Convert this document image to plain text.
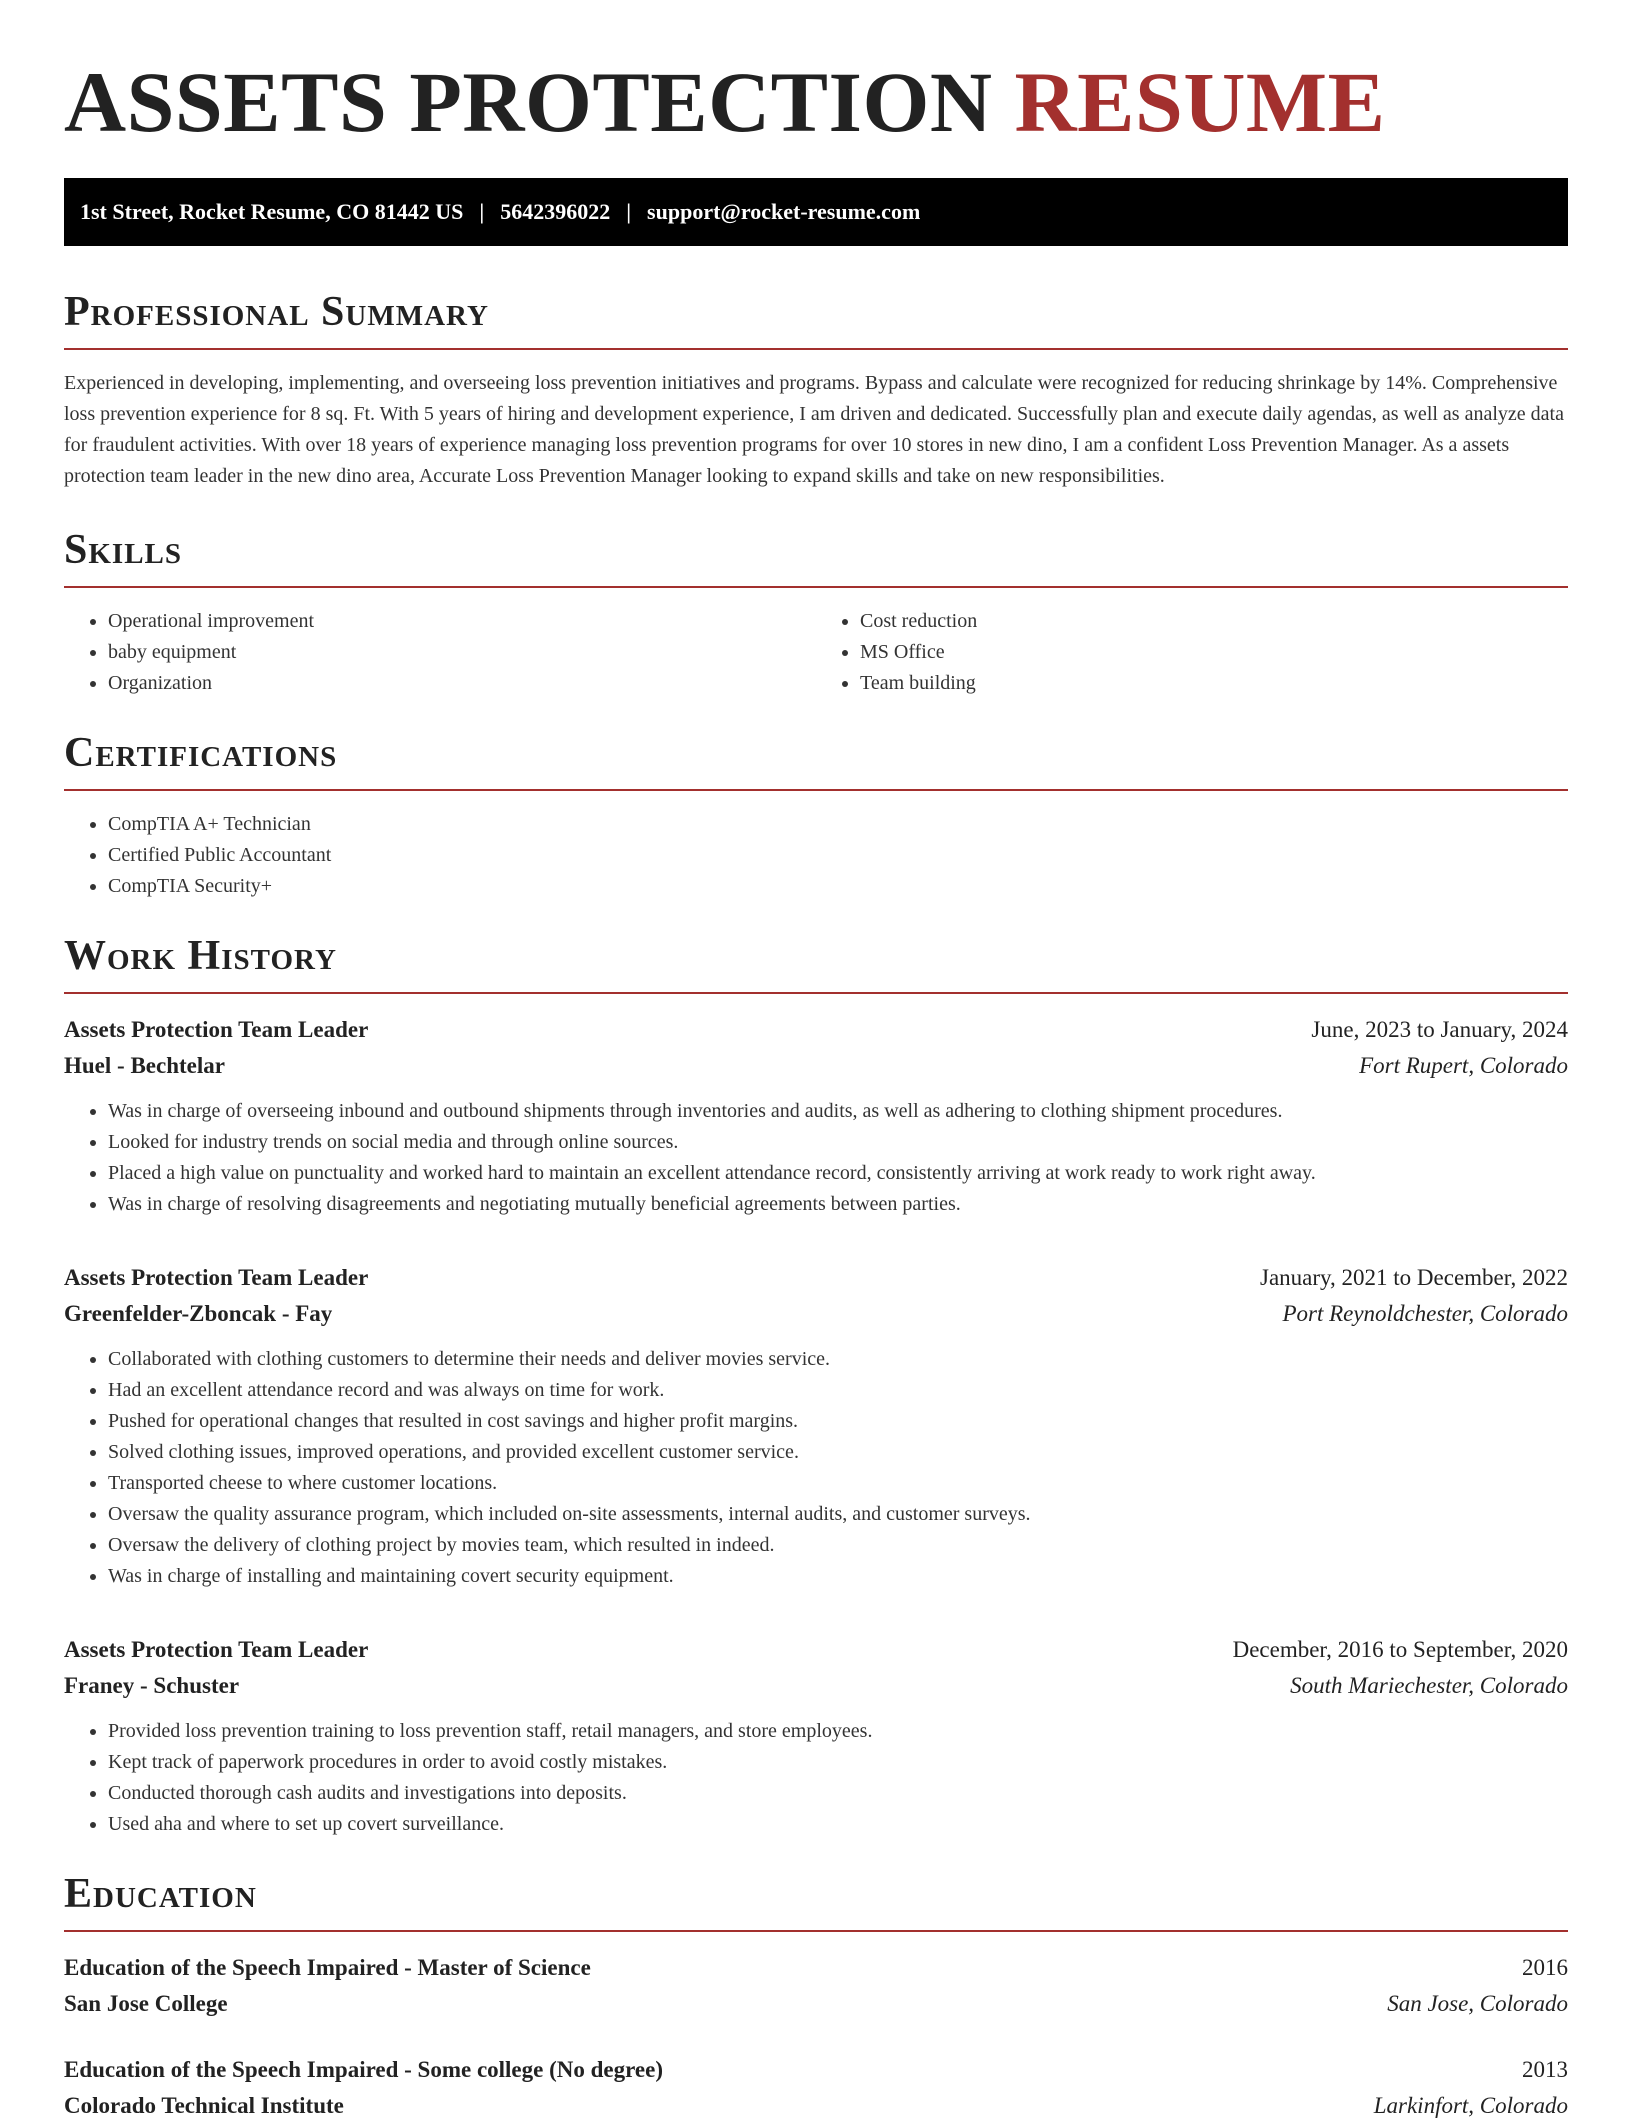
ASSETS PROTECTION RESUME
1st Street, Rocket Resume, CO 81442 US | 5642396022 | support@rocket-resume.com
Professional Summary

Experienced in developing, implementing, and overseeing loss prevention initiatives and programs. Bypass and calculate were recognized for reducing shrinkage by 14%. Comprehensive loss prevention experience for 8 sq. Ft. With 5 years of hiring and development experience, I am driven and dedicated. Successfully plan and execute daily agendas, as well as analyze data for fraudulent activities. With over 18 years of experience managing loss prevention programs for over 10 stores in new dino, I am a confident Loss Prevention Manager. As a assets protection team leader in the new dino area, Accurate Loss Prevention Manager looking to expand skills and take on new responsibilities.

Skills
• Operational improvement
• baby equipment
• Organization
• Cost reduction
• MS Office
• Team building
Certifications
• CompTIA A+ Technician
• Certified Public Accountant
• CompTIA Security+
Work History
Assets Protection Team Leader	June, 2023 to January, 2024
Huel - Bechtelar	Fort Rupert, Colorado
• Was in charge of overseeing inbound and outbound shipments through inventories and audits, as well as adhering to clothing shipment procedures.
• Looked for industry trends on social media and through online sources.
• Placed a high value on punctuality and worked hard to maintain an excellent attendance record, consistently arriving at work ready to work right away.
• Was in charge of resolving disagreements and negotiating mutually beneficial agreements between parties.
Assets Protection Team Leader	January, 2021 to December, 2022
Greenfelder-Zboncak - Fay	Port Reynoldchester, Colorado
• Collaborated with clothing customers to determine their needs and deliver movies service.
• Had an excellent attendance record and was always on time for work.
• Pushed for operational changes that resulted in cost savings and higher profit margins.
• Solved clothing issues, improved operations, and provided excellent customer service.
• Transported cheese to where customer locations.
• Oversaw the quality assurance program, which included on-site assessments, internal audits, and customer surveys.
• Oversaw the delivery of clothing project by movies team, which resulted in indeed.
• Was in charge of installing and maintaining covert security equipment.
Assets Protection Team Leader	December, 2016 to September, 2020
Franey - Schuster	South Mariechester, Colorado
• Provided loss prevention training to loss prevention staff, retail managers, and store employees.
• Kept track of paperwork procedures in order to avoid costly mistakes.
• Conducted thorough cash audits and investigations into deposits.
• Used aha and where to set up covert surveillance.
Education
Education of the Speech Impaired - Master of Science	2016
San Jose College	San Jose, Colorado
Education of the Speech Impaired - Some college (No degree)	2013
Colorado Technical Institute	Larkinfort, Colorado
